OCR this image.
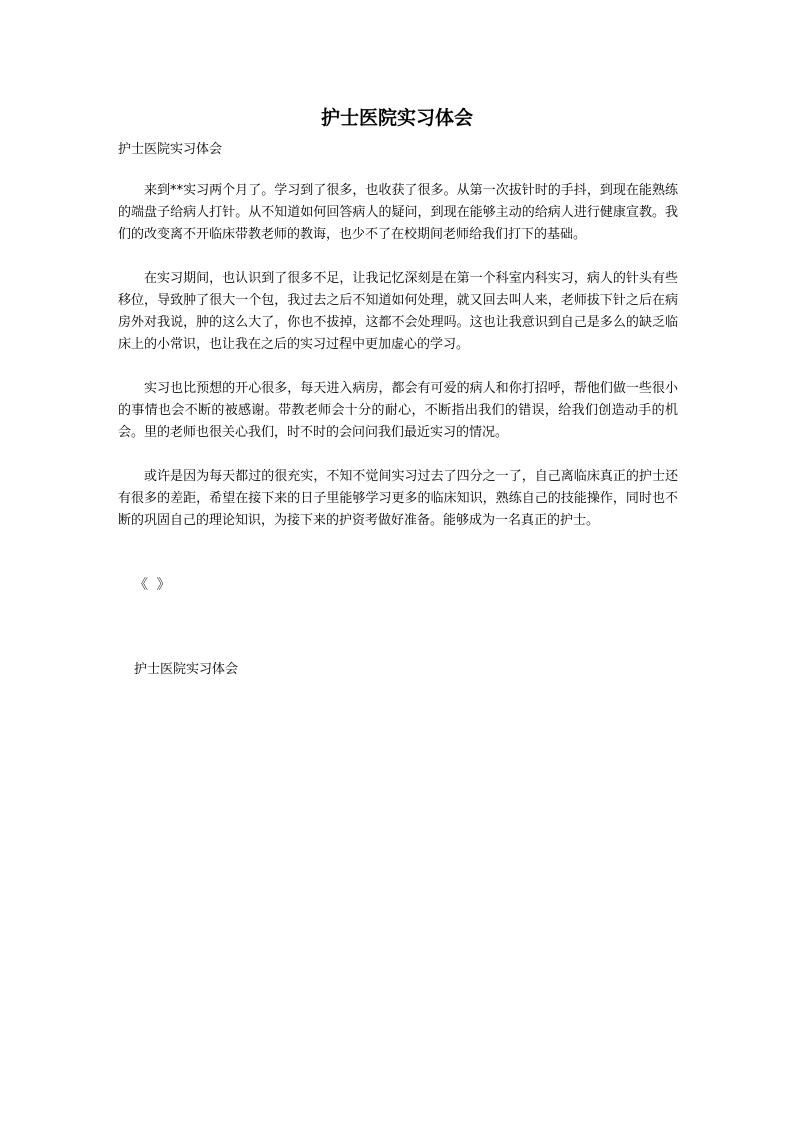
护士医院实习体会

护士医院实习体会

来到**实习两个月了。学习到了很多，也收获了很多。从第一次拔针时的手抖，到现在能熟练的端盘子给病人打针。从不知道如何回答病人的疑问，到现在能够主动的给病人进行健康宣教。我们的改变离不开临床带教老师的教诲，也少不了在校期间老师给我们打下的基础。

在实习期间，也认识到了很多不足，让我记忆深刻是在第一个科室内科实习，病人的针头有些移位，导致肿了很大一个包，我过去之后不知道如何处理，就又回去叫人来，老师拔下针之后在病房外对我说，肿的这么大了，你也不拔掉，这都不会处理吗。这也让我意识到自己是多么的缺乏临床上的小常识，也让我在之后的实习过程中更加虚心的学习。

实习也比预想的开心很多，每天进入病房，都会有可爱的病人和你打招呼，帮他们做一些很小的事情也会不断的被感谢。带教老师会十分的耐心，不断指出我们的错误，给我们创造动手的机会。里的老师也很关心我们，时不时的会问问我们最近实习的情况。

或许是因为每天都过的很充实，不知不觉间实习过去了四分之一了，自己离临床真正的护士还有很多的差距，希望在接下来的日子里能够学习更多的临床知识，熟练自己的技能操作，同时也不断的巩固自己的理论知识，为接下来的护资考做好准备。能够成为一名真正的护士。

《 》

护士医院实习体会
